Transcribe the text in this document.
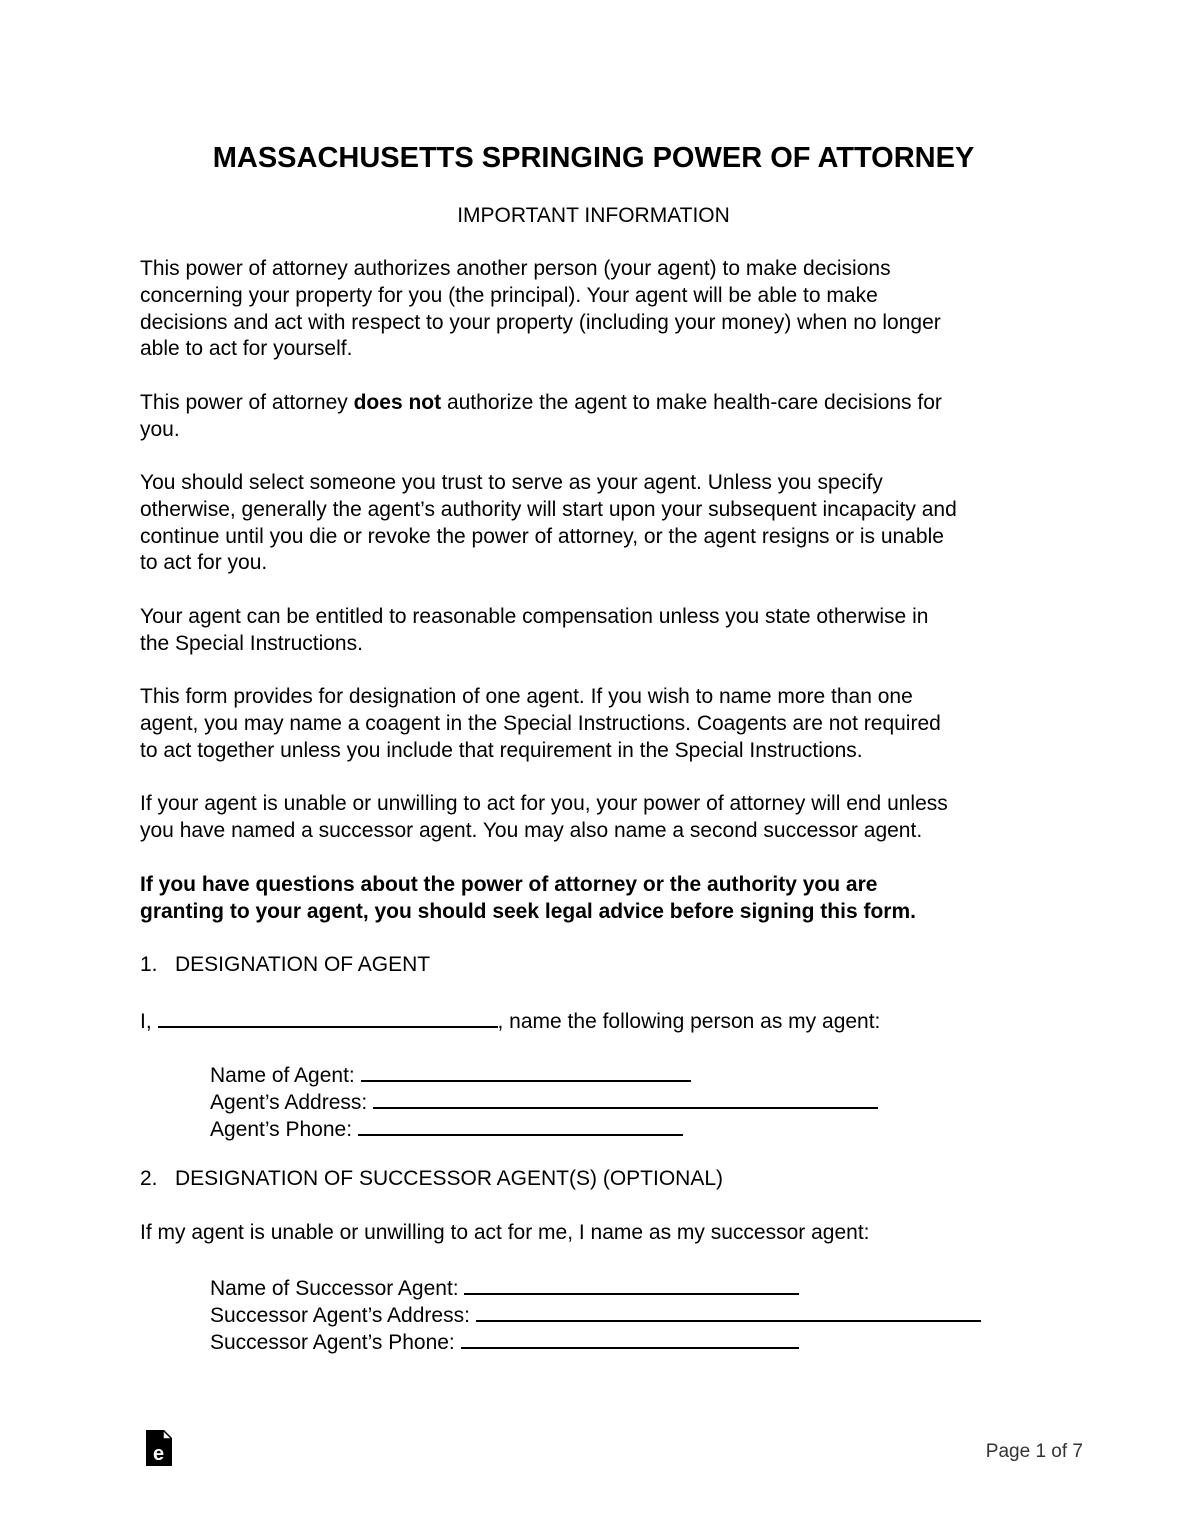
MASSACHUSETTS SPRINGING POWER OF ATTORNEY
IMPORTANT INFORMATION
This power of attorney authorizes another person (your agent) to make decisions
concerning your property for you (the principal). Your agent will be able to make
decisions and act with respect to your property (including your money) when no longer
able to act for yourself.
This power of attorney does not authorize the agent to make health-care decisions for
you.
You should select someone you trust to serve as your agent. Unless you specify
otherwise, generally the agent’s authority will start upon your subsequent incapacity and
continue until you die or revoke the power of attorney, or the agent resigns or is unable
to act for you.
Your agent can be entitled to reasonable compensation unless you state otherwise in
the Special Instructions.
This form provides for designation of one agent. If you wish to name more than one
agent, you may name a coagent in the Special Instructions. Coagents are not required
to act together unless you include that requirement in the Special Instructions.
If your agent is unable or unwilling to act for you, your power of attorney will end unless
you have named a successor agent. You may also name a second successor agent.
If you have questions about the power of attorney or the authority you are
granting to your agent, you should seek legal advice before signing this form.
1. DESIGNATION OF AGENT
I,	, name the following person as my agent:
Name of Agent:
Agent’s Address:
Agent’s Phone:
2. DESIGNATION OF SUCCESSOR AGENT(S) (OPTIONAL)
If my agent is unable or unwilling to act for me, I name as my successor agent:
Name of Successor Agent:
Successor Agent’s Address:
Successor Agent’s Phone:
e	Page 1 of 7
